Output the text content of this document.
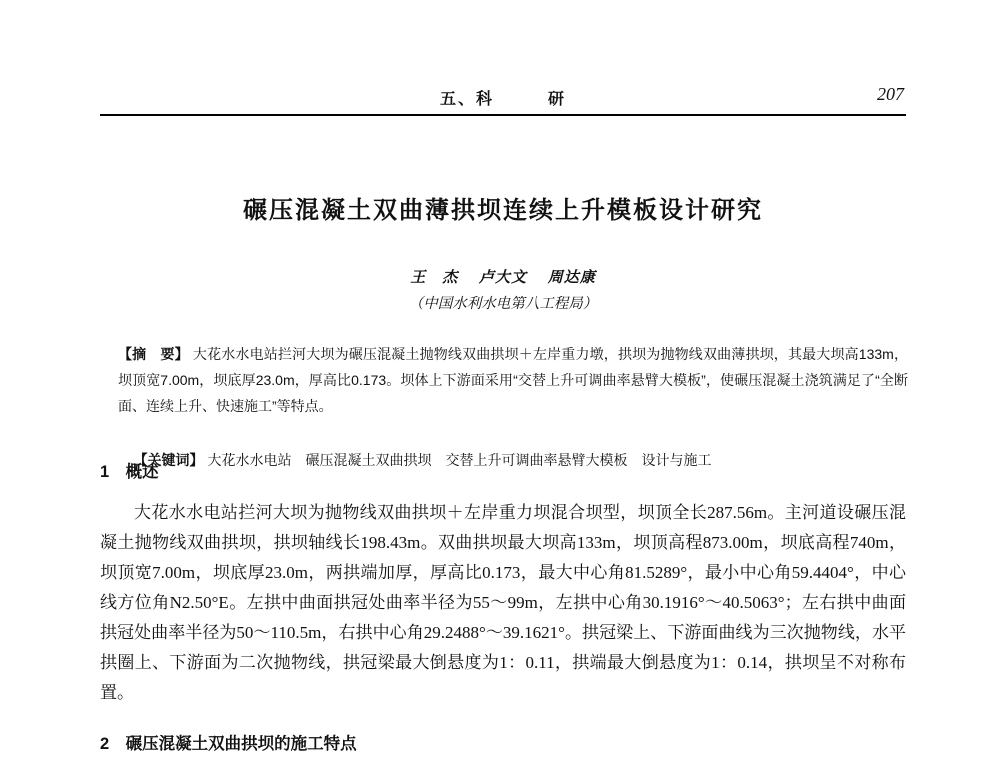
五、科　　　研	207
碾压混凝土双曲薄拱坝连续上升模板设计研究
王　杰　 卢大文　 周达康
（中国水利水电第八工程局）
【摘　要】 大花水水电站拦河大坝为碾压混凝土抛物线双曲拱坝＋左岸重力墩，拱坝为抛物线双曲薄拱坝，其最大坝高133m，坝顶宽7.00m，坝底厚23.0m，厚高比0.173。坝体上下游面采用“交替上升可调曲率悬臂大模板”，使碾压混凝土浇筑满足了“全断面、连续上升、快速施工”等特点。

【关键词】 大花水水电站　碾压混凝土双曲拱坝　交替上升可调曲率悬臂大模板　设计与施工

1　概述

大花水水电站拦河大坝为抛物线双曲拱坝＋左岸重力坝混合坝型，坝顶全长287.56m。主河道设碾压混凝土抛物线双曲拱坝，拱坝轴线长198.43m。双曲拱坝最大坝高133m，坝顶高程873.00m，坝底高程740m，坝顶宽7.00m，坝底厚23.0m，两拱端加厚，厚高比0.173，最大中心角81.5289°，最小中心角59.4404°，中心线方位角N2.50°E。左拱中曲面拱冠处曲率半径为55～99m，左拱中心角30.1916°～40.5063°；左右拱中曲面拱冠处曲率半径为50～110.5m，右拱中心角29.2488°～39.1621°。拱冠梁上、下游面曲线为三次抛物线，水平拱圈上、下游面为二次抛物线，拱冠梁最大倒悬度为1：0.11，拱端最大倒悬度为1：0.14，拱坝呈不对称布置。

2　碾压混凝土双曲拱坝的施工特点
